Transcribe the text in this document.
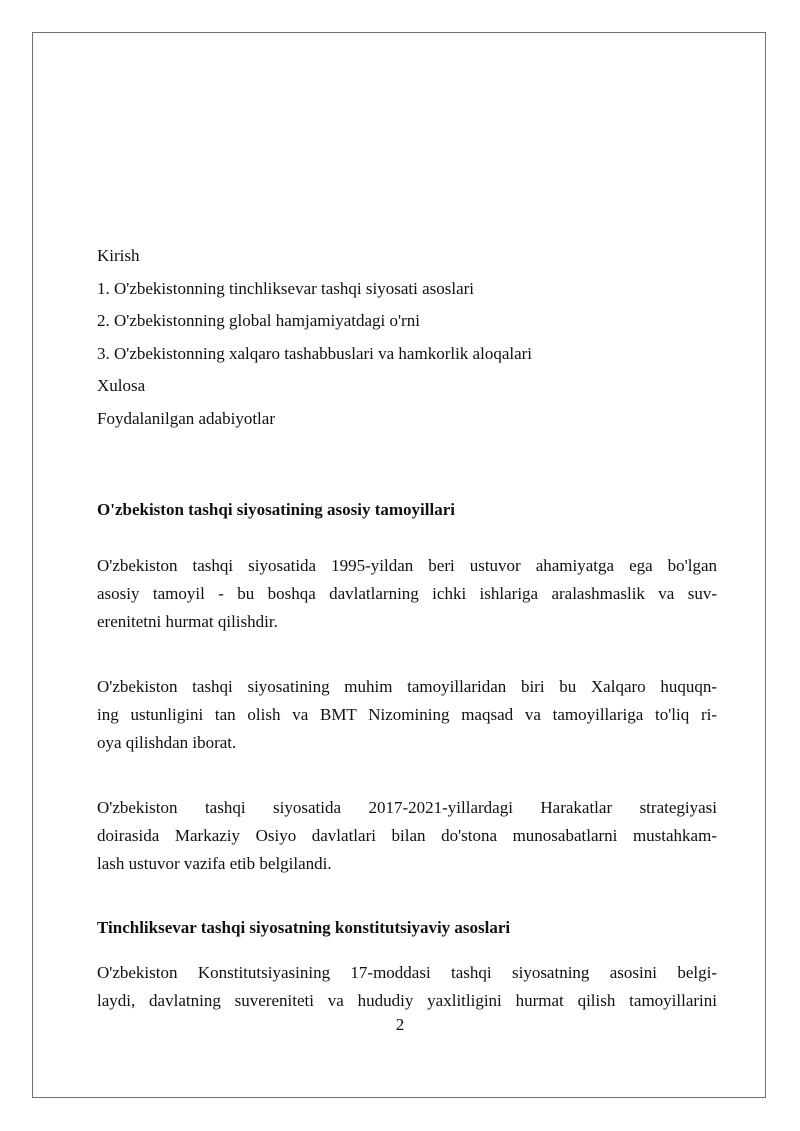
Kirish
1. O'zbekistonning tinchliksevar tashqi siyosati asoslari
2. O'zbekistonning global hamjamiyatdagi o'rni
3. O'zbekistonning xalqaro tashabbuslari va hamkorlik aloqalari
Xulosa
Foydalanilgan adabiyotlar
O'zbekiston tashqi siyosatining asosiy tamoyillari
O'zbekiston tashqi siyosatida 1995-yildan beri ustuvor ahamiyatga ega bo'lgan
asosiy tamoyil - bu boshqa davlatlarning ichki ishlariga aralashmaslik va suv-
erenitetni hurmat qilishdir.
O'zbekiston tashqi siyosatining muhim tamoyillaridan biri bu Xalqaro huquqn-
ing ustunligini tan olish va BMT Nizomining maqsad va tamoyillariga to'liq ri-
oya qilishdan iborat.
O'zbekiston tashqi siyosatida 2017-2021-yillardagi Harakatlar strategiyasi
doirasida Markaziy Osiyo davlatlari bilan do'stona munosabatlarni mustahkam-
lash ustuvor vazifa etib belgilandi.
Tinchliksevar tashqi siyosatning konstitutsiyaviy asoslari
O'zbekiston Konstitutsiyasining 17-moddasi tashqi siyosatning asosini belgi-
laydi, davlatning suvereniteti va hududiy yaxlitligini hurmat qilish tamoyillarini
2
